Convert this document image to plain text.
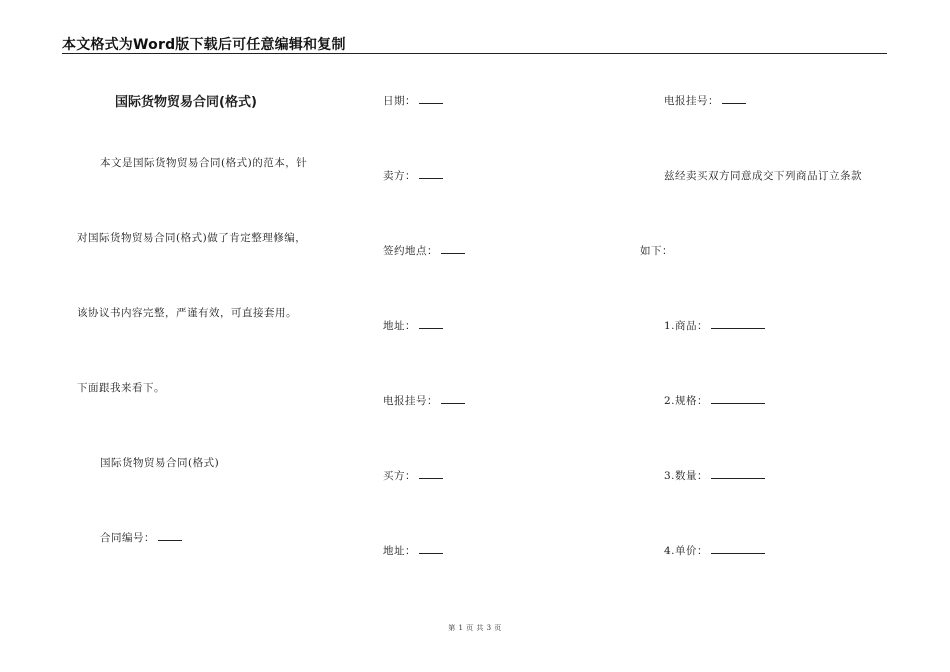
本文格式为Word版下载后可任意编辑和复制
国际货物贸易合同(格式)
本文是国际货物贸易合同(格式)的范本，针
对国际货物贸易合同(格式)做了肯定整理修编，
该协议书内容完整，严谨有效，可直接套用。
下面跟我来看下。
国际货物贸易合同(格式)
合同编号：
日期：
卖方：
签约地点：
地址：
电报挂号：
买方：
地址：
电报挂号：
兹经卖买双方同意成交下列商品订立条款
如下：
1.商品：
2.规格：
3.数量：
4.单价：
第 1 页 共 3 页
